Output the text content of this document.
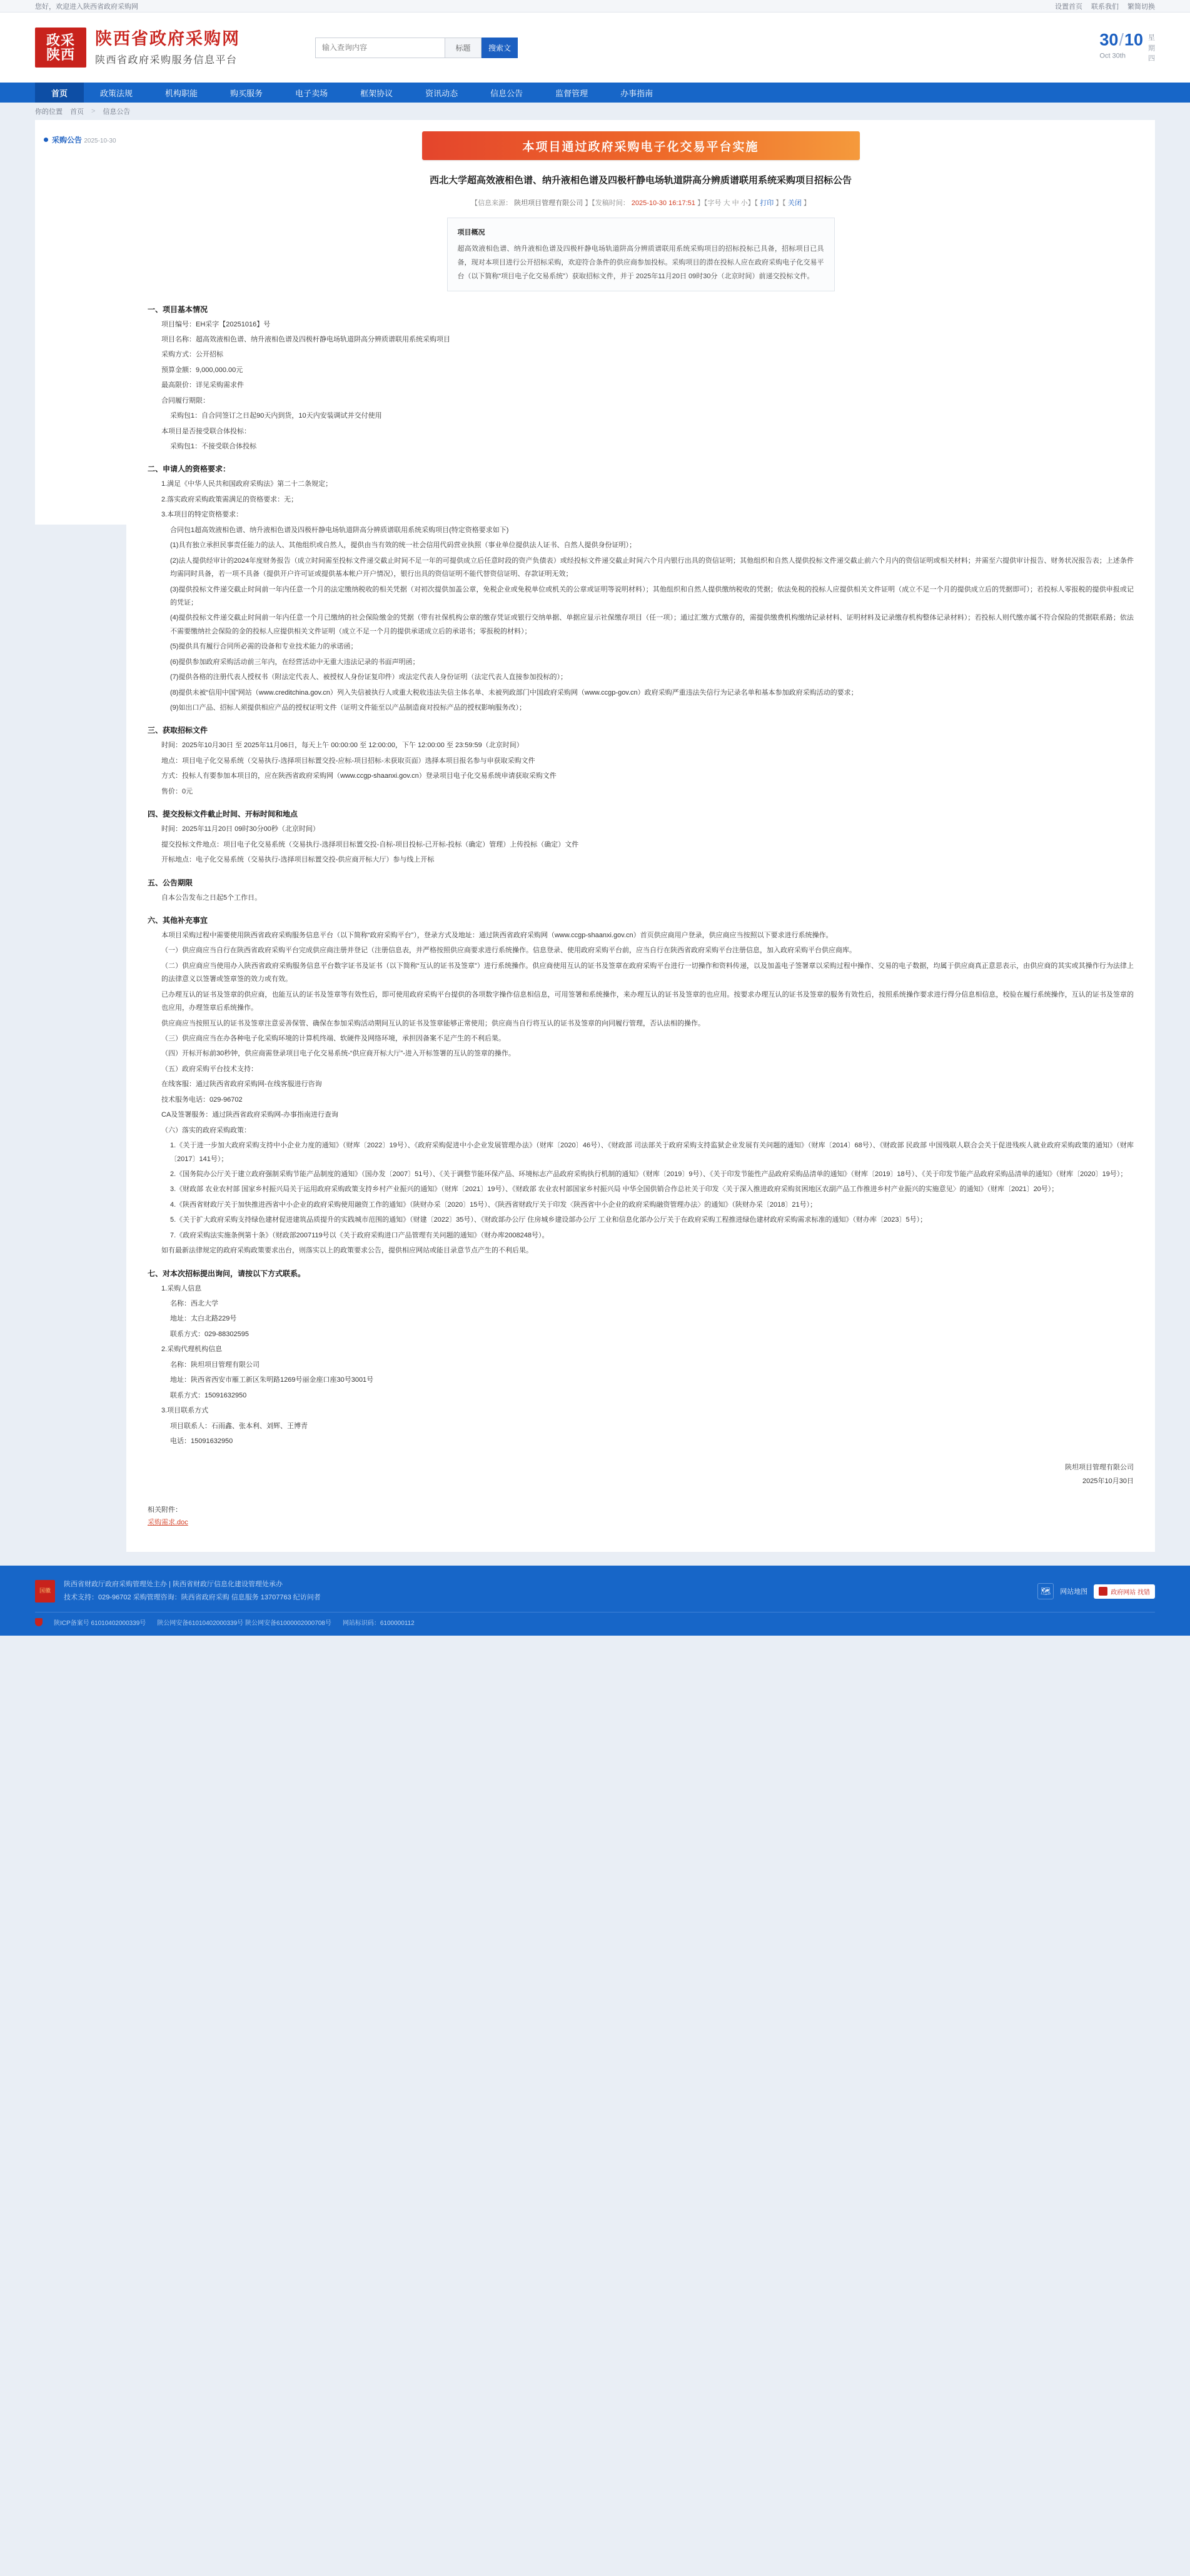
您好，欢迎进入陕西省政府采购网	设置首页 联系我们 繁简切换
政采
陕西
陕西省政府采购网
陕西省政府采购服务信息平台
输入查询内容
标题	搜索文	30/10
Oct 30th
星
期
四
首页	政策法规	机构职能	购买服务	电子卖场	框架协议	资讯动态	信息公告	监督管理	办事指南
你的位置 首页 > 信息公告
采购公告 2025-10-30	本项目通过政府采购电子化交易平台实施
西北大学超高效液相色谱、纳升液相色谱及四极杆静电场轨道阱高分辨质谱联用系统采购项目招标公告
【信息来源： 陕坦项目管理有限公司 】【发稿时间： 2025-10-30 16:17:51 】【字号 大 中 小】【 打印 】【 关闭 】
项目概况
超高效液相色谱、纳升液相色谱及四极杆静电场轨道阱高分辨质谱联用系统采购项目的招标投标已具备，招标项目已具备，现对本项目进行公开招标采购，欢迎符合条件的供应商参加投标。采购项目的潜在投标人应在政府采购电子化交易平台（以下简称“项目电子化交易系统”）获取招标文件，并于 2025年11月20日 09时30分（北京时间）前递交投标文件。
一、项目基本情况

项目编号：ЕН采字【20251016】号

项目名称：超高效液相色谱、纳升液相色谱及四极杆静电场轨道阱高分辨质谱联用系统采购项目

采购方式：公开招标

预算金额：9,000,000.00元

最高限价：详见采购需求件

合同履行期限：

采购包1：自合同签订之日起90天内到货，10天内安装调试并交付使用

本项目是否接受联合体投标：

采购包1：不接受联合体投标

二、申请人的资格要求：

1.满足《中华人民共和国政府采购法》第二十二条规定；

2.落实政府采购政策需满足的资格要求：无；

3.本项目的特定资格要求：

合同包1超高效液相色谱、纳升液相色谱及四极杆静电场轨道阱高分辨质谱联用系统采购项目(特定资格要求如下)

(1)具有独立承担民事责任能力的法人、其他组织或自然人，提供由当有效的统一社会信用代码营业执照（事业单位提供法人证书、自然人提供身份证明）；

(2)法人提供经审计的2024年度财务报告（成立时间需至投标文件递交截止时间不足一年的可提供成立后任意时段的资产负债表）或经投标文件递交截止时间六个月内银行出具的资信证明；其他组织和自然人提供投标文件递交截止前六个月内的资信证明或相关材料；并需至六提供审计报告、财务状况报告表；上述条件均需同时具备，若一项不具备（提供开户许可证或提供基本帐户开户情况），银行出具的资信证明不能代替资信证明、存款证明无效；

(3)提供投标文件递交截止时间前一年内任意一个月的法定缴纳税收的相关凭据（对初次提供加盖公章，免税企业或免税单位或机关的公章或证明等说明材料）；其他组织和自然人提供缴纳税收的凭据；依法免税的投标人应提供相关文件证明（成立不足一个月的提供成立后的凭据即可）；若投标人零报税的提供申报或记的凭证；

(4)提供投标文件递交截止时间前一年内任意一个月已缴纳的社会保险缴金的凭据（带有社保机构公章的缴存凭证或银行交纳单据、单据应显示社保缴存项目（任一项）；通过汇缴方式缴存的，需提供缴费机构缴纳记录材料、证明材料及记录缴存机构整体记录材料）；若投标人则代缴亦属不符合保险的凭据联系路；依法不需要缴纳社会保险的金的投标人应提供相关文件证明（成立不足一个月的提供承诺成立后的承诺书；零报税的材料）；

(5)提供具有履行合同所必需的设备和专业技术能力的承诺函；

(6)提供参加政府采购活动前三年内，在经营活动中无重大违法记录的书面声明函；

(7)提供各格的注册代表人授权书（附法定代表人、被授权人身份证复印件）或法定代表人身份证明（法定代表人直接参加投标的）；

(8)提供未被“信用中国”网站（www.creditchina.gov.cn）列入失信被执行人或重大税收违法失信主体名单、未被列政部门中国政府采购网（www.ccgp-gov.cn）政府采购严重违法失信行为记录名单和基本参加政府采购活动的要求；

(9)如出口产品、招标人须提供相应产品的授权证明文件（证明文件能至以产品制造商对投标产品的授权影响服务改）；

三、获取招标文件

时间：2025年10月30日 至 2025年11月06日，每天上午 00:00:00 至 12:00:00，下午 12:00:00 至 23:59:59（北京时间）

地点：项目电子化交易系统（交易执行-选择项目标置交投-应标-项目招标-未获取页面）选择本项目报名参与申获取采购文件

方式：投标人有要参加本项目的，应在陕西省政府采购网（www.ccgp-shaanxi.gov.cn）登录项目电子化交易系统申请获取采购文件

售价：0元

四、提交投标文件截止时间、开标时间和地点

时间：2025年11月20日 09时30分00秒（北京时间）

提交投标文件地点：项目电子化交易系统（交易执行-选择项目标置交投-自标-项目投标-已开标-投标（确定）管理）上传投标（确定）文件

开标地点：电子化交易系统（交易执行-选择项目标置交投-供应商开标大厅）参与线上开标

五、公告期限

自本公告发布之日起5个工作日。

六、其他补充事宜

本项目采购过程中需要使用陕西省政府采购服务信息平台（以下简称“政府采购平台”），登录方式及地址：通过陕西省政府采购网（www.ccgp-shaanxi.gov.cn）首页供应商用户登录，供应商应当按照以下要求进行系统操作。

（一）供应商应当自行在陕西省政府采购平台完成供应商注册并登记（注册信息表，并严格按照供应商要求进行系统操作。信息登录、使用政府采购平台前，应当自行在陕西省政府采购平台注册信息，加入政府采购平台供应商库。

（二）供应商应当使用办入陕西省政府采购服务信息平台数字证书及证书（以下简称“互认的证书及签章”）进行系统操作。供应商使用互认的证书及签章在政府采购平台进行一切操作和资料传递，以及加盖电子签署章以采购过程中操作、交易的电子数据，均属于供应商真正意思表示，由供应商的其实或其操作行为法律上的法律意义以签署或签章签的效力或有效。

已办理互认的证书及签章的供应商，也能互认的证书及签章等有效性后，即可使用政府采购平台提供的各项数字操作信息相信息，可用签署和系统操作，来办理互认的证书及签章的也应用。按要求办理互认的证书及签章的服务有效性后，按照系统操作要求进行得分信息相信息，校验在履行系统操作，互认的证书及签章的也应用，办理签章后系统操作。

供应商应当按照互认的证书及签章注意妥善保管、确保在参加采购活动期间互认的证书及签章能够正常使用；供应商当自行将互认的证书及签章的向同履行管理，否认法相的操作。

（三）供应商应当在办各种电子化采购环境的计算机终端、软硬件及网络环境，承担因备案不足产生的不利后果。

（四）开标开标前30秒钟，供应商需登录项目电子化交易系统-“供应商开标大厅”-进入开标签署的互认的签章的操作。

（五）政府采购平台技术支持：

在线客服：通过陕西省政府采购网-在线客服进行咨询

技术服务电话：029-96702

CA及签署服务：通过陕西省政府采购网-办事指南进行查询

（六）落实的政府采购政策：

1.《关于进一步加大政府采购支持中小企业力度的通知》（财库〔2022〕19号）、《政府采购促进中小企业发展管理办法》（财库〔2020〕46号）、《财政部 司法部关于政府采购支持监狱企业发展有关问题的通知》（财库〔2014〕68号）、《财政部 民政部 中国残联人联合会关于促进残疾人就业政府采购政策的通知》（财库〔2017〕141号）；

2.《国务院办公厅关于建立政府强制采购节能产品制度的通知》（国办发〔2007〕51号）、《关于调整节能环保产品、环境标志产品政府采购执行机制的通知》（财库〔2019〕9号）、《关于印发节能性产品政府采购品清单的通知》（财库〔2019〕18号）、《关于印发节能产品政府采购品清单的通知》（财库〔2020〕19号）；

3.《财政部 农业农村部 国家乡村振兴局关于运用政府采购政策支持乡村产业振兴的通知》（财库〔2021〕19号）、《财政部 农业农村部国家乡村振兴局 中华全国供销合作总社关于印发〈关于深入推进政府采购贫困地区农副产品工作推进乡村产业振兴的实施意见〉的通知》（财库〔2021〕20号）；

4.《陕西省财政厅关于加快推进西省中小企业的政府采购使用融资工作的通知》（陕财办采〔2020〕15号）、《陕西省财政厅关于印发〈陕西省中小企业的政府采购融资管理办法〉的通知》（陕财办采〔2018〕21号）；

5.《关于扩大政府采购支持绿色建材促进建筑品质提升的实践城市范围的通知》（财建〔2022〕35号）、《财政部办公厅 住房城乡建设部办公厅 工业和信息化部办公厅关于在政府采购工程推进绿色建材政府采购需求标准的通知》（财办库〔2023〕5号）；

7.《政府采购法实施条例第十条》（财政部2007119号以《关于政府采购进口产品管理有关问题的通知》（财办库2008248号）。

如有最新法律规定的政府采购政策要求出台，则落实以上的政策要求公告，提供相应网站或能目录意节点产生的不利后果。

七、对本次招标提出询问，请按以下方式联系。

1.采购人信息

名称：西北大学

地址：太白北路229号

联系方式：029-88302595

2.采购代理机构信息

名称：陕坦项目管理有限公司

地址：陕西省西安市雁工新区朱明路1269号丽金座口座30号3001号

联系方式：15091632950

3.项目联系方式

项目联系人：石雨鑫、张本利、刘辉、王博青

电话：15091632950

陕坦项目管理有限公司
2025年10月30日
相关附件：
采购需求.doc
国徽
陕西省财政厅政府采购管理处主办 | 陕西省财政厅信息化建设管理处承办
技术支持：029-96702 采购管理咨询：陕西省政府采购 信息服务 13707763 纪访问者
🗺	网站地图	政府网站 找错
陕ICP备案号 61010402000339号 陕公网安备61010402000339号 陕公网安备61000002000708号 网站标识码：6100000112
